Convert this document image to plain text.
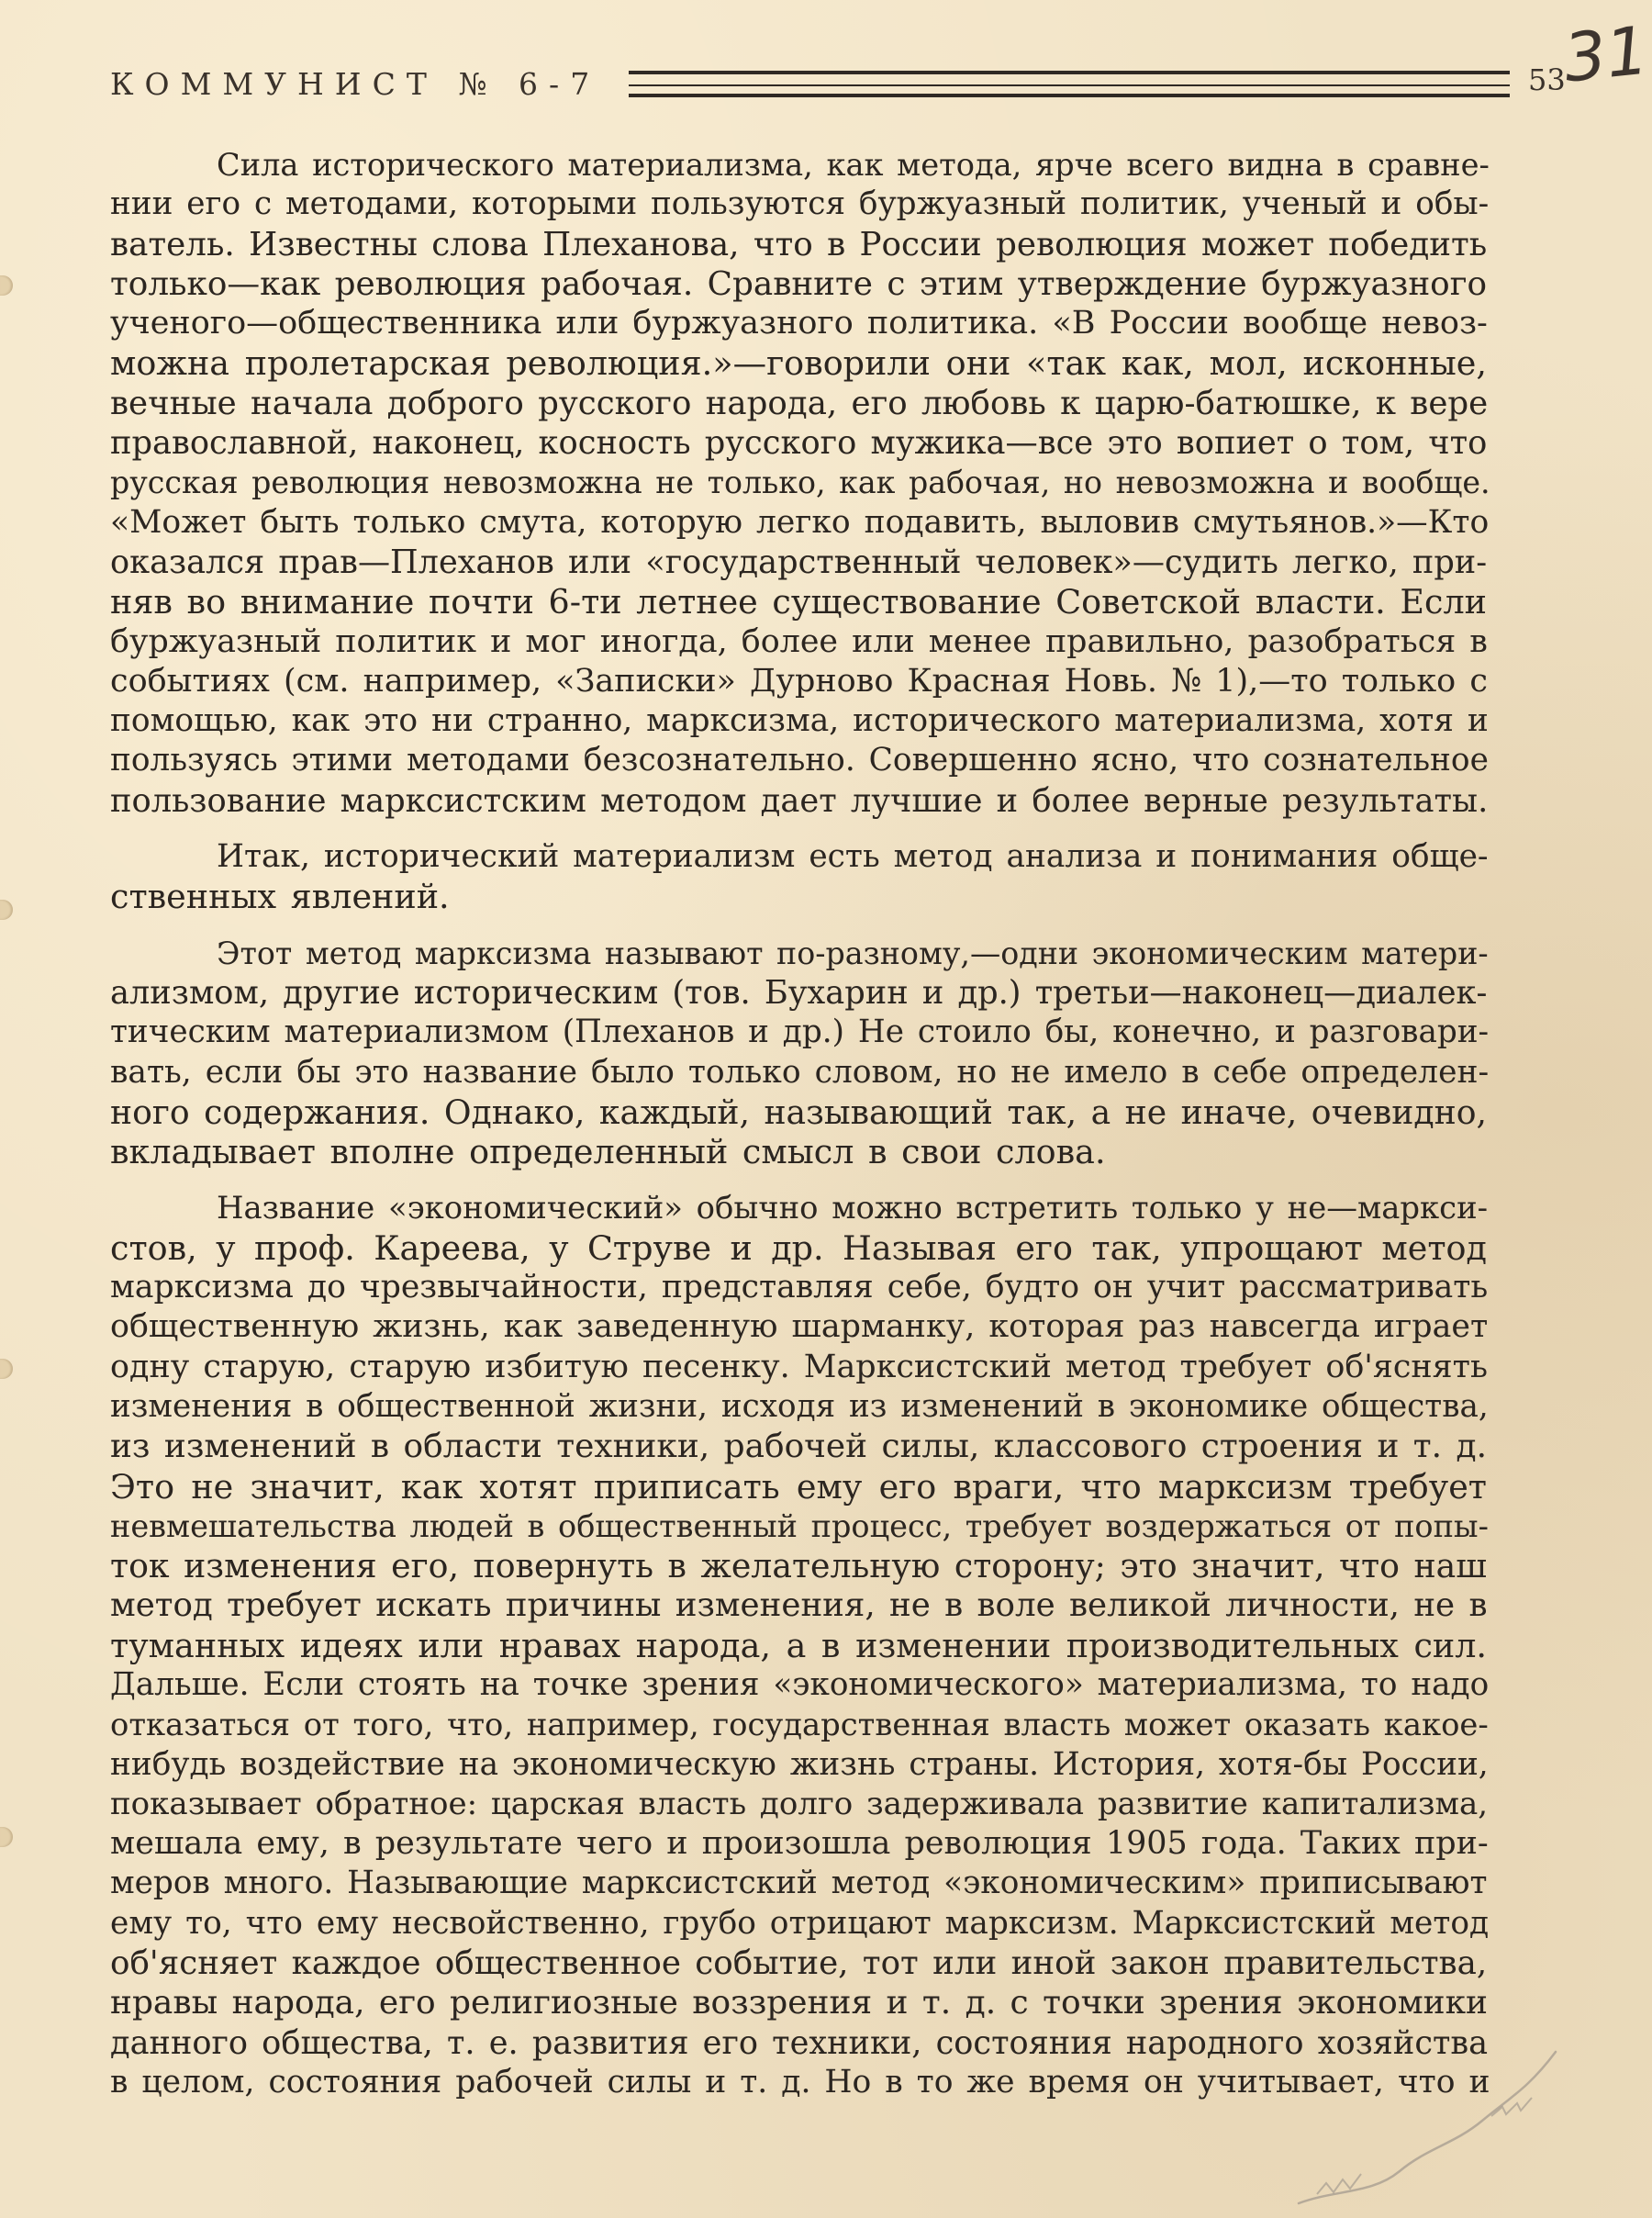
КОММУНИСТ № 6-7	53
31

Сила исторического материализма, как метода, ярче всего видна в сравне-
нии его с методами, которыми пользуются буржуазный политик, ученый и обы-
ватель. Известны слова Плеханова, что в России революция может победить
только—как революция рабочая. Сравните с этим утверждение буржуазного
ученого—общественника или буржуазного политика. «В России вообще невоз-
можна пролетарская революция.»—говорили они «так как, мол, исконные,
вечные начала доброго русского народа, его любовь к царю-батюшке, к вере
православной, наконец, косность русского мужика—все это вопиет о том, что
русская революция невозможна не только, как рабочая, но невозможна и вообще.
«Может быть только смута, которую легко подавить, выловив смутьянов.»—Кто
оказался прав—Плеханов или «государственный человек»—судить легко, при-
няв во внимание почти 6-ти летнее существование Советской власти. Если
буржуазный политик и мог иногда, более или менее правильно, разобраться в
событиях (см. например, «Записки» Дурново Красная Новь. № 1),—то только с
помощью, как это ни странно, марксизма, исторического материализма, хотя и
пользуясь этими методами безсознательно. Совершенно ясно, что сознательное
пользование марксистским методом дает лучшие и более верные результаты.

Итак, исторический материализм есть метод анализа и понимания обще-
ственных явлений.

Этот метод марксизма называют по-разному,—одни экономическим матери-
ализмом, другие историческим (тов. Бухарин и др.) третьи—наконец—диалек-
тическим материализмом (Плеханов и др.) Не стоило бы, конечно, и разговари-
вать, если бы это название было только словом, но не имело в себе определен-
ного содержания. Однако, каждый, называющий так, а не иначе, очевидно,
вкладывает вполне определенный смысл в свои слова.

Название «экономический» обычно можно встретить только у не—маркси-
стов, у проф. Кареева, у Струве и др. Называя его так, упрощают метод
марксизма до чрезвычайности, представляя себе, будто он учит рассматривать
общественную жизнь, как заведенную шарманку, которая раз навсегда играет
одну старую, старую избитую песенку. Марксистский метод требует об'яснять
изменения в общественной жизни, исходя из изменений в экономике общества,
из изменений в области техники, рабочей силы, классового строения и т. д.
Это не значит, как хотят приписать ему его враги, что марксизм требует
невмешательства людей в общественный процесс, требует воздержаться от попы-
ток изменения его, повернуть в желательную сторону; это значит, что наш
метод требует искать причины изменения, не в воле великой личности, не в
туманных идеях или нравах народа, а в изменении производительных сил.
Дальше. Если стоять на точке зрения «экономического» материализма, то надо
отказаться от того, что, например, государственная власть может оказать какое-
нибудь воздействие на экономическую жизнь страны. История, хотя-бы России,
показывает обратное: царская власть долго задерживала развитие капитализма,
мешала ему, в результате чего и произошла революция 1905 года. Таких при-
меров много. Называющие марксистский метод «экономическим» приписывают
ему то, что ему несвойственно, грубо отрицают марксизм. Марксистский метод
об'ясняет каждое общественное событие, тот или иной закон правительства,
нравы народа, его религиозные воззрения и т. д. с точки зрения экономики
данного общества, т. е. развития его техники, состояния народного хозяйства
в целом, состояния рабочей силы и т. д. Но в то же время он учитывает, что и
